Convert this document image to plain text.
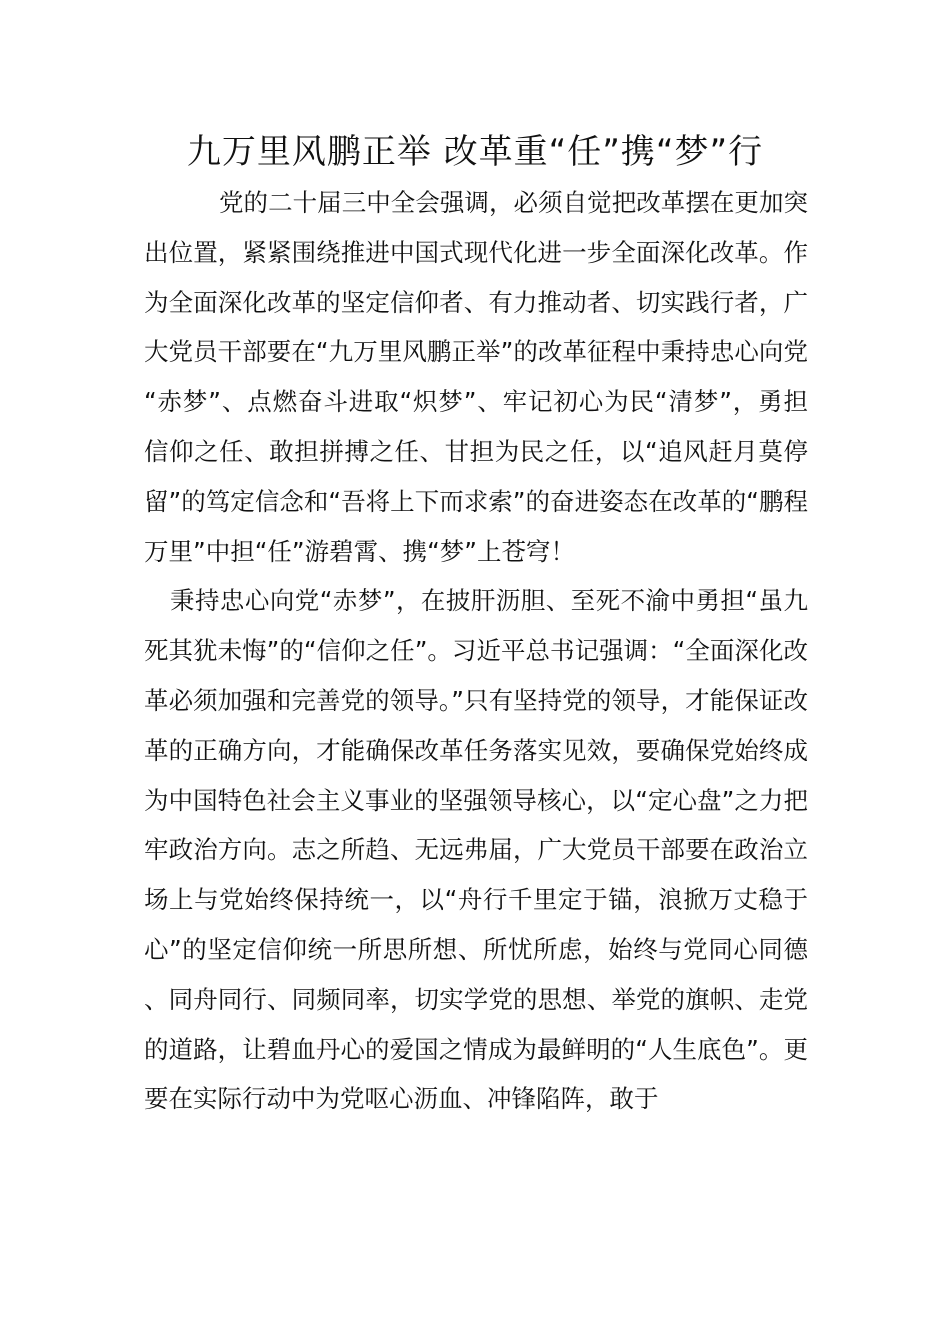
九万里风鹏正举 改革重“任”携“梦”行

党的二十届三中全会强调，必须自觉把改革摆在更加突出位置，紧紧围绕推进中国式现代化进一步全面深化改革。作为全面深化改革的坚定信仰者、有力推动者、切实践行者，广大党员干部要在“九万里风鹏正举”的改革征程中秉持忠心向党“赤梦”、点燃奋斗进取“炽梦”、牢记初心为民“清梦”，勇担信仰之任、敢担拼搏之任、甘担为民之任，以“追风赶月莫停留”的笃定信念和“吾将上下而求索”的奋进姿态在改革的“鹏程万里”中担“任”游碧霄、携“梦”上苍穹！

秉持忠心向党“赤梦”，在披肝沥胆、至死不渝中勇担“虽九死其犹未悔”的“信仰之任”。习近平总书记强调：“全面深化改革必须加强和完善党的领导。”只有坚持党的领导，才能保证改革的正确方向，才能确保改革任务落实见效，要确保党始终成为中国特色社会主义事业的坚强领导核心，以“定心盘”之力把牢政治方向。志之所趋、无远弗届，广大党员干部要在政治立场上与党始终保持统一，以“舟行千里定于锚，浪掀万丈稳于心”的坚定信仰统一所思所想、所忧所虑，始终与党同心同德、同舟同行、同频同率，切实学党的思想、举党的旗帜、走党的道路，让碧血丹心的爱国之情成为最鲜明的“人生底色”。更要在实际行动中为党呕心沥血、冲锋陷阵，敢于
